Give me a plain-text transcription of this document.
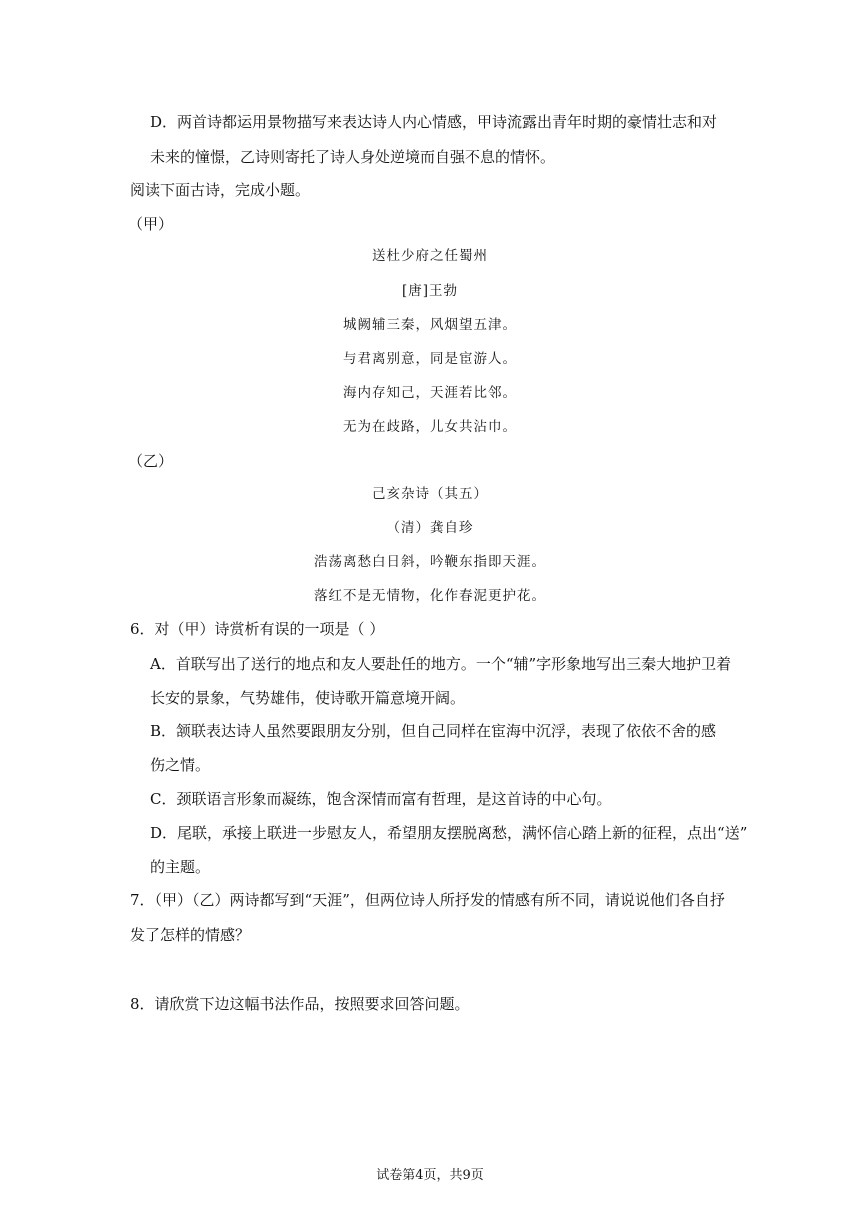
D．两首诗都运用景物描写来表达诗人内心情感，甲诗流露出青年时期的豪情壮志和对
未来的憧憬，乙诗则寄托了诗人身处逆境而自强不息的情怀。
阅读下面古诗，完成小题。
（甲）
送杜少府之任蜀州
[唐]王勃
城阙辅三秦，风烟望五津。
与君离别意，同是宦游人。
海内存知己，天涯若比邻。
无为在歧路，儿女共沾巾。
（乙）
己亥杂诗（其五）
（清）龚自珍
浩荡离愁白日斜，吟鞭东指即天涯。
落红不是无情物，化作春泥更护花。
6．对（甲）诗赏析有误的一项是（ ）
A．首联写出了送行的地点和友人要赴任的地方。一个“辅”字形象地写出三秦大地护卫着
长安的景象，气势雄伟，使诗歌开篇意境开阔。
B．颔联表达诗人虽然要跟朋友分别，但自己同样在宦海中沉浮，表现了依依不舍的感
伤之情。
C．颈联语言形象而凝练，饱含深情而富有哲理，是这首诗的中心句。
D．尾联，承接上联进一步慰友人，希望朋友摆脱离愁，满怀信心踏上新的征程，点出“送”
的主题。
7．（甲）（乙）两诗都写到“天涯”，但两位诗人所抒发的情感有所不同，请说说他们各自抒
发了怎样的情感？
8．请欣赏下边这幅书法作品，按照要求回答问题。
试卷第4页，共9页
